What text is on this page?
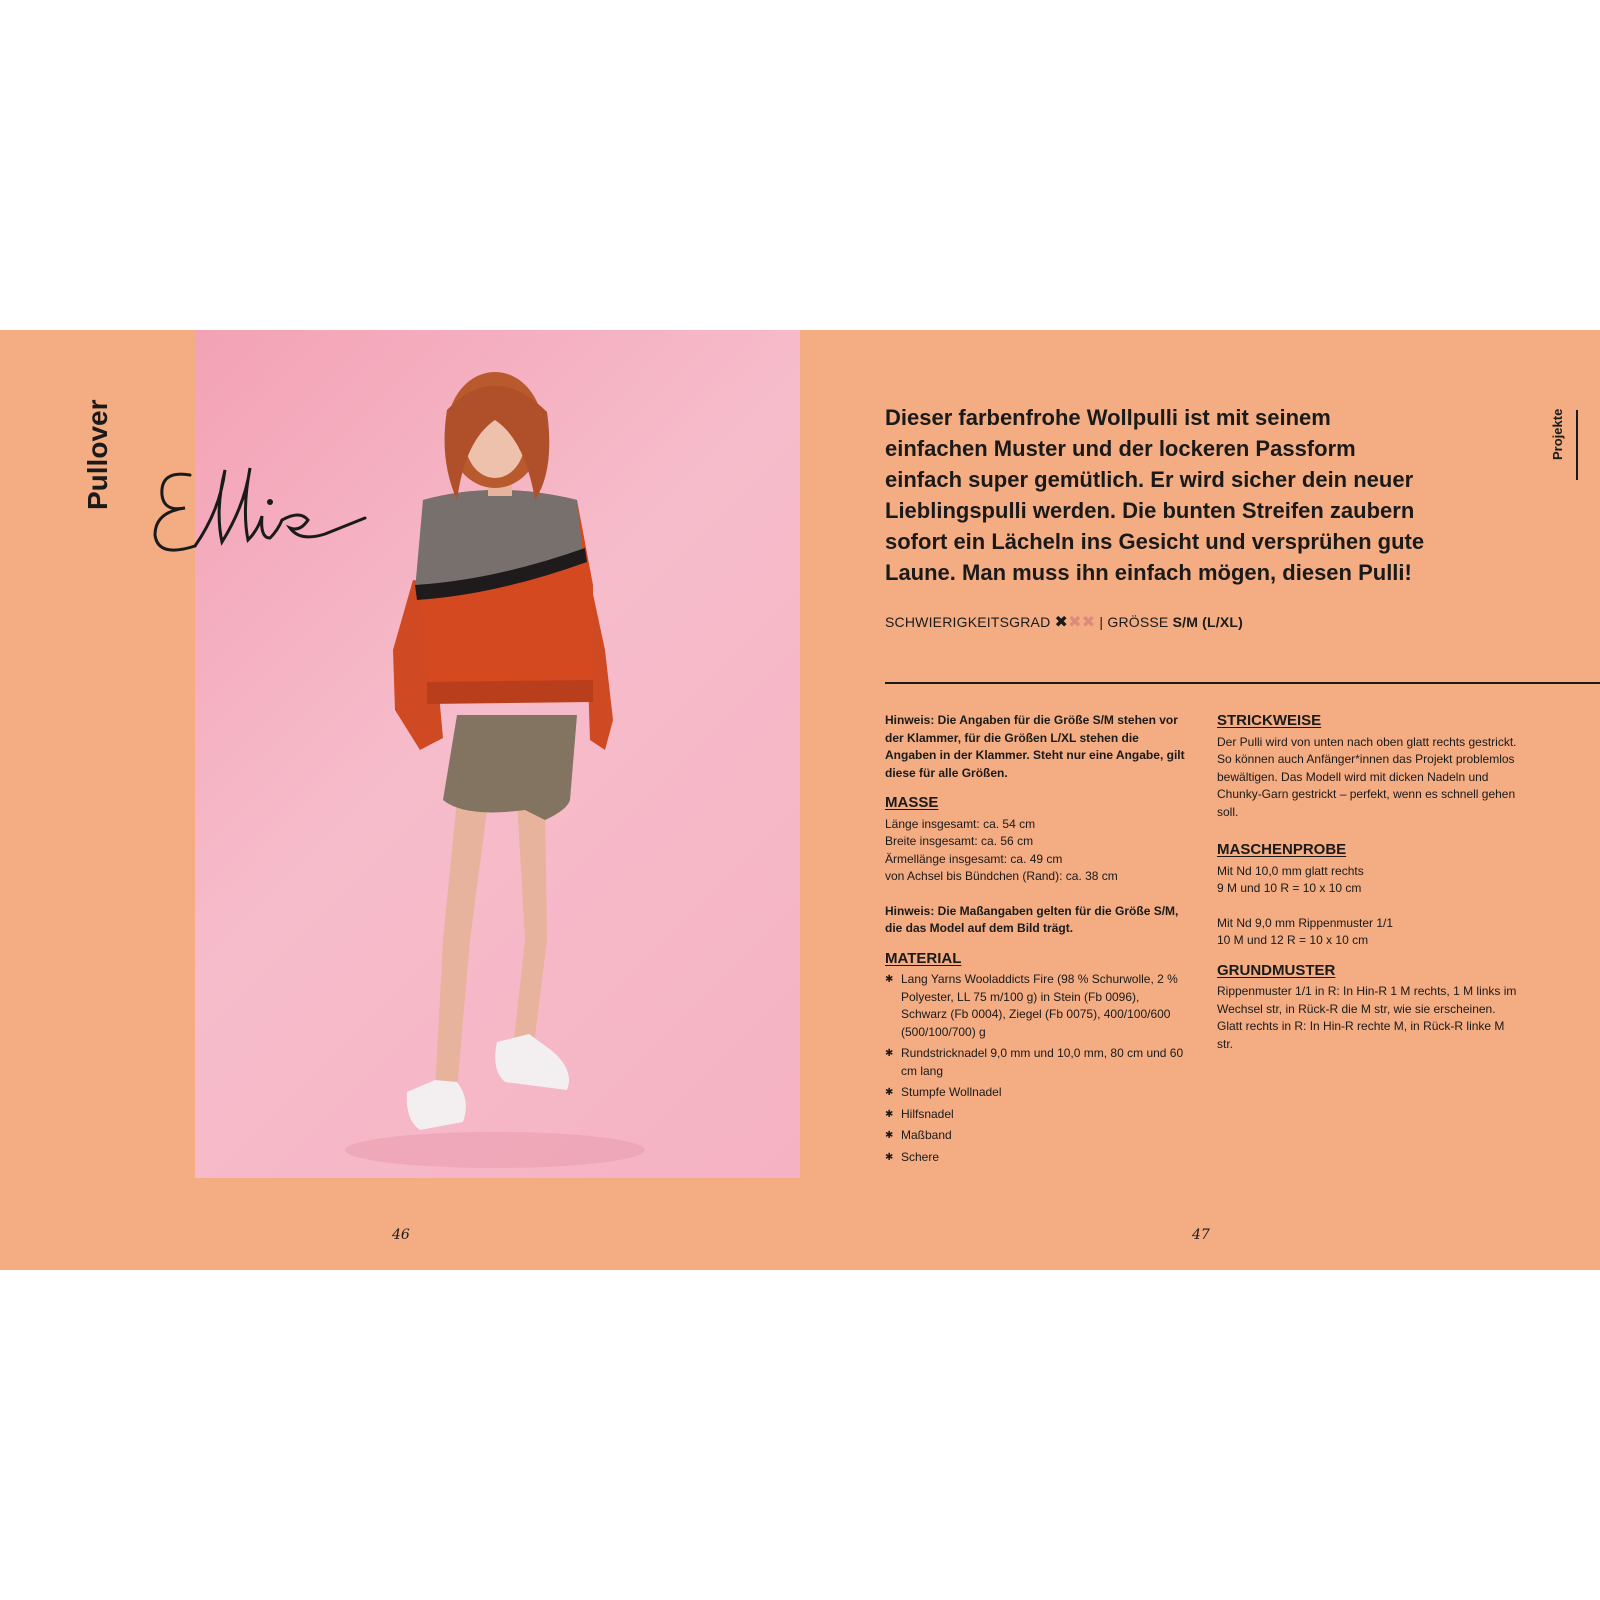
Pullover	Projekte
Dieser farbenfrohe Wollpulli ist mit seinem einfachen Muster und der lockeren Passform einfach super gemütlich. Er wird sicher dein neuer Lieblingspulli werden. Die bunten Streifen zaubern sofort ein Lächeln ins Gesicht und versprühen gute Laune. Man muss ihn einfach mögen, diesen Pulli!
SCHWIERIGKEITSGRAD ✖✖✖ | GRÖSSE S/M (L/XL)

Hinweis: Die Angaben für die Größe S/M stehen vor der Klammer, für die Größen L/XL stehen die Angaben in der Klammer. Steht nur eine Angabe, gilt diese für alle Größen.

MASSE

Länge insgesamt: ca. 54 cm

Breite insgesamt: ca. 56 cm

Ärmellänge insgesamt: ca. 49 cm

von Achsel bis Bündchen (Rand): ca. 38 cm

Hinweis: Die Maßangaben gelten für die Größe S/M, die das Model auf dem Bild trägt.

MATERIAL
✱ Lang Yarns Wooladdicts Fire (98 % Schurwolle, 2 % Polyester, LL 75 m/100 g) in Stein (Fb 0096), Schwarz (Fb 0004), Ziegel (Fb 0075), 400/100/600 (500/100/700) g
✱ Rundstricknadel 9,0 mm und 10,0 mm, 80 cm und 60 cm lang
✱ Stumpfe Wollnadel
✱ Hilfsnadel
✱ Maßband
✱ Schere
STRICKWEISE

Der Pulli wird von unten nach oben glatt rechts gestrickt. So können auch Anfänger*innen das Projekt problemlos bewältigen. Das Modell wird mit dicken Nadeln und Chunky-Garn gestrickt – perfekt, wenn es schnell gehen soll.

MASCHENPROBE

Mit Nd 10,0 mm glatt rechts

9 M und 10 R = 10 x 10 cm

Mit Nd 9,0 mm Rippenmuster 1/1

10 M und 12 R = 10 x 10 cm

GRUNDMUSTER

Rippenmuster 1/1 in R: In Hin-R 1 M rechts, 1 M links im Wechsel str, in Rück-R die M str, wie sie erscheinen.

Glatt rechts in R: In Hin-R rechte M, in Rück-R linke M str.

46	47
